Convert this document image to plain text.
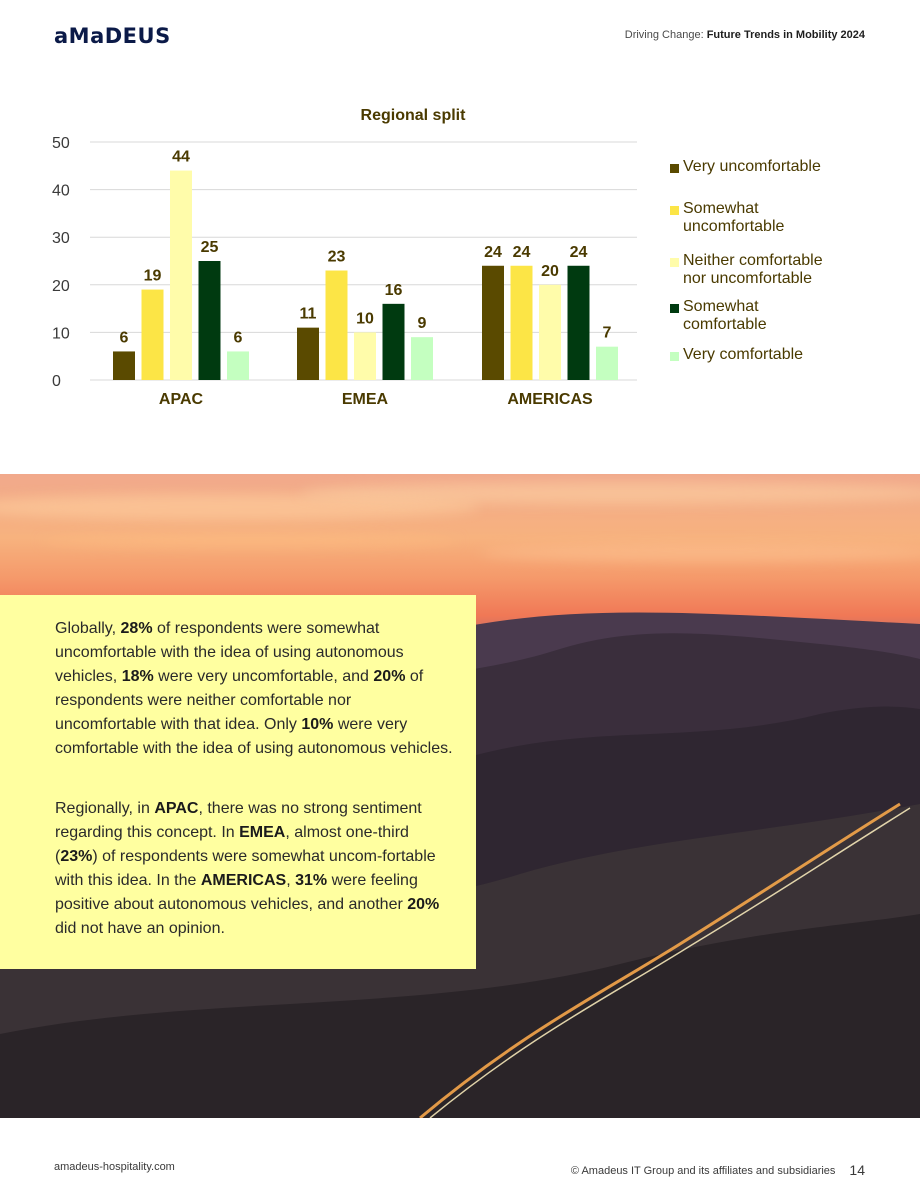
aMaDEUS	Driving Change: Future Trends in Mobility 2024
Regional split
0
10
20
30
40
50
6
19
44
25
6
APAC
11
23
10
16
9
EMEA
24 24
20
24
7
AMERICAS
Very uncomfortable
Somewhat
uncomfortable
Neither comfortable
nor uncomfortable
Somewhat
comfortable
Very comfortable

Globally, 28% of respondents were somewhat uncomfortable with the idea of using autonomous vehicles, 18% were very uncomfortable, and 20% of respondents were neither comfortable nor uncomfortable with that idea. Only 10% were very comfortable with the idea of using autonomous vehicles.

Regionally, in APAC, there was no strong sentiment regarding this concept. In EMEA, almost one-third (23%) of respondents were somewhat uncom-fortable with this idea. In the AMERICAS, 31% were feeling positive about autonomous vehicles, and another 20% did not have an opinion.

amadeus-hospitality.com	© Amadeus IT Group and its affiliates and subsidiaries 14
